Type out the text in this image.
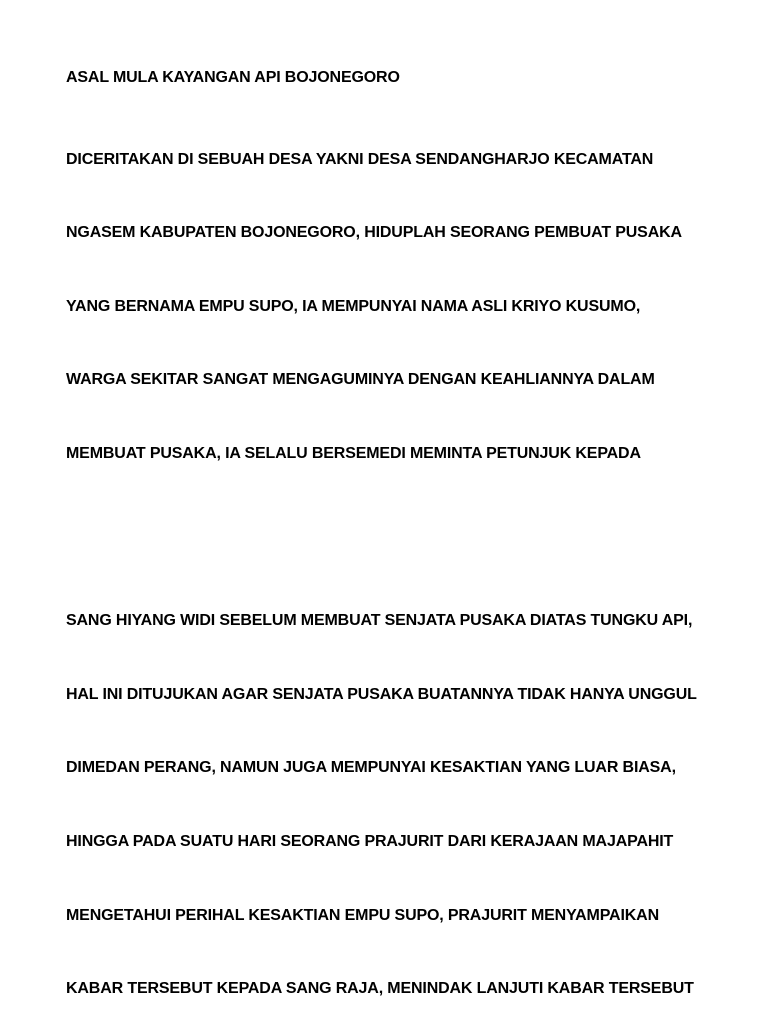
ASAL MULA KAYANGAN API BOJONEGORO
DICERITAKAN DI SEBUAH DESA YAKNI DESA SENDANGHARJO KECAMATAN
NGASEM KABUPATEN BOJONEGORO, HIDUPLAH SEORANG PEMBUAT PUSAKA
YANG BERNAMA EMPU SUPO, IA MEMPUNYAI NAMA ASLI KRIYO KUSUMO,
WARGA SEKITAR SANGAT MENGAGUMINYA DENGAN KEAHLIANNYA DALAM
MEMBUAT PUSAKA, IA SELALU BERSEMEDI MEMINTA PETUNJUK KEPADA
SANG HIYANG WIDI SEBELUM MEMBUAT SENJATA PUSAKA DIATAS TUNGKU API,
HAL INI DITUJUKAN AGAR SENJATA PUSAKA BUATANNYA TIDAK HANYA UNGGUL
DIMEDAN PERANG, NAMUN JUGA MEMPUNYAI KESAKTIAN YANG LUAR BIASA,
HINGGA PADA SUATU HARI SEORANG PRAJURIT DARI KERAJAAN MAJAPAHIT
MENGETAHUI PERIHAL KESAKTIAN EMPU SUPO, PRAJURIT MENYAMPAIKAN
KABAR TERSEBUT KEPADA SANG RAJA, MENINDAK LANJUTI KABAR TERSEBUT
